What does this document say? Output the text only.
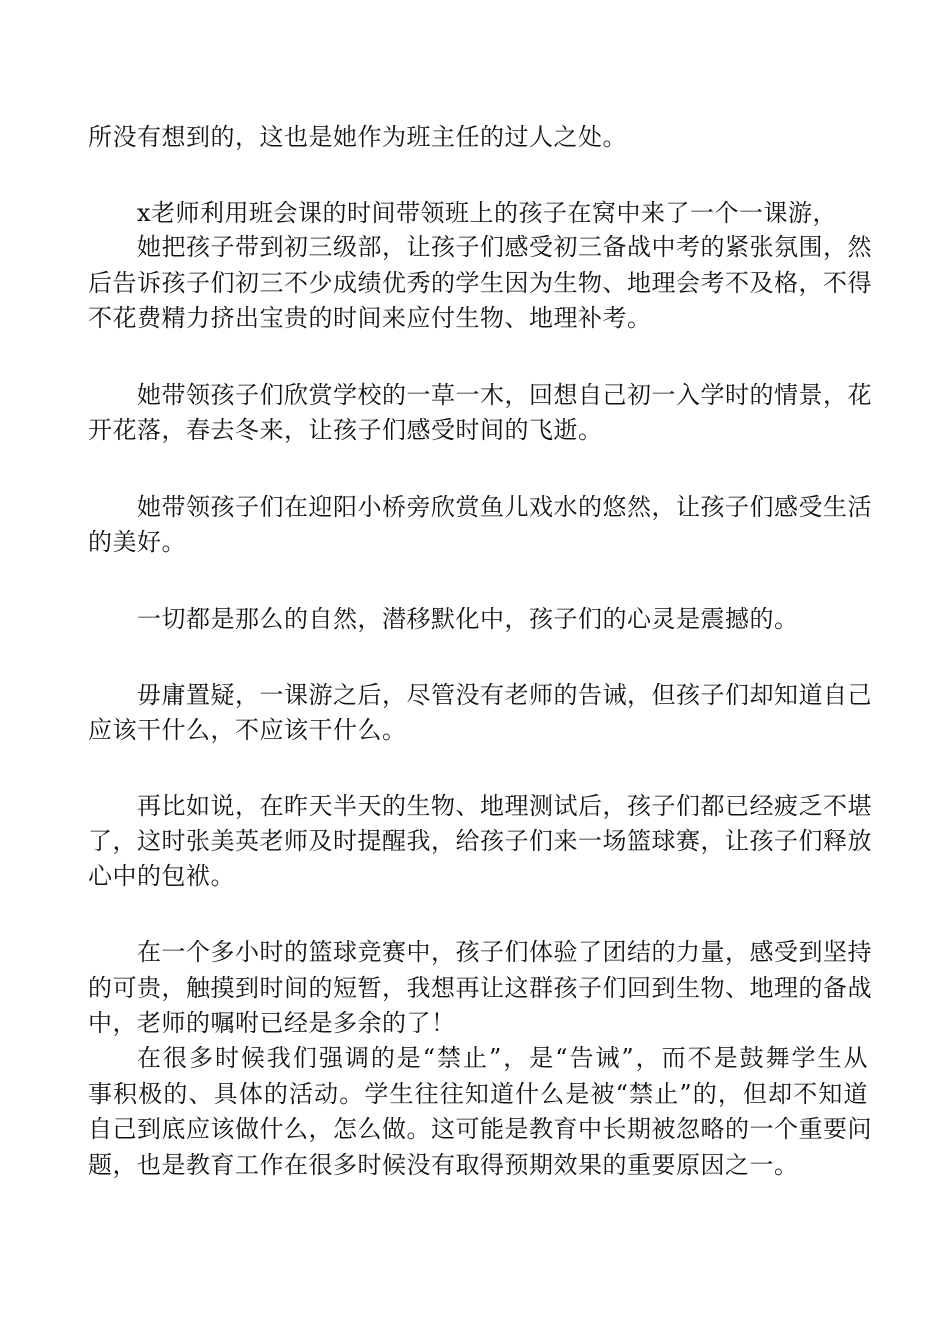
所没有想到的，这也是她作为班主任的过人之处。
x老师利用班会课的时间带领班上的孩子在窝中来了一个一课游，
她把孩子带到初三级部，让孩子们感受初三备战中考的紧张氛围，然
后告诉孩子们初三不少成绩优秀的学生因为生物、地理会考不及格，不得
不花费精力挤出宝贵的时间来应付生物、地理补考。
她带领孩子们欣赏学校的一草一木，回想自己初一入学时的情景，花
开花落，春去冬来，让孩子们感受时间的飞逝。
她带领孩子们在迎阳小桥旁欣赏鱼儿戏水的悠然，让孩子们感受生活
的美好。
一切都是那么的自然，潜移默化中，孩子们的心灵是震撼的。
毋庸置疑，一课游之后，尽管没有老师的告诫，但孩子们却知道自己
应该干什么，不应该干什么。
再比如说，在昨天半天的生物、地理测试后，孩子们都已经疲乏不堪
了，这时张美英老师及时提醒我，给孩子们来一场篮球赛，让孩子们释放
心中的包袱。
在一个多小时的篮球竞赛中，孩子们体验了团结的力量，感受到坚持
的可贵，触摸到时间的短暂，我想再让这群孩子们回到生物、地理的备战
中，老师的嘱咐已经是多余的了！
在很多时候我们强调的是“禁止”，是“告诫”，而不是鼓舞学生从
事积极的、具体的活动。学生往往知道什么是被“禁止”的，但却不知道
自己到底应该做什么，怎么做。这可能是教育中长期被忽略的一个重要问
题，也是教育工作在很多时候没有取得预期效果的重要原因之一。
